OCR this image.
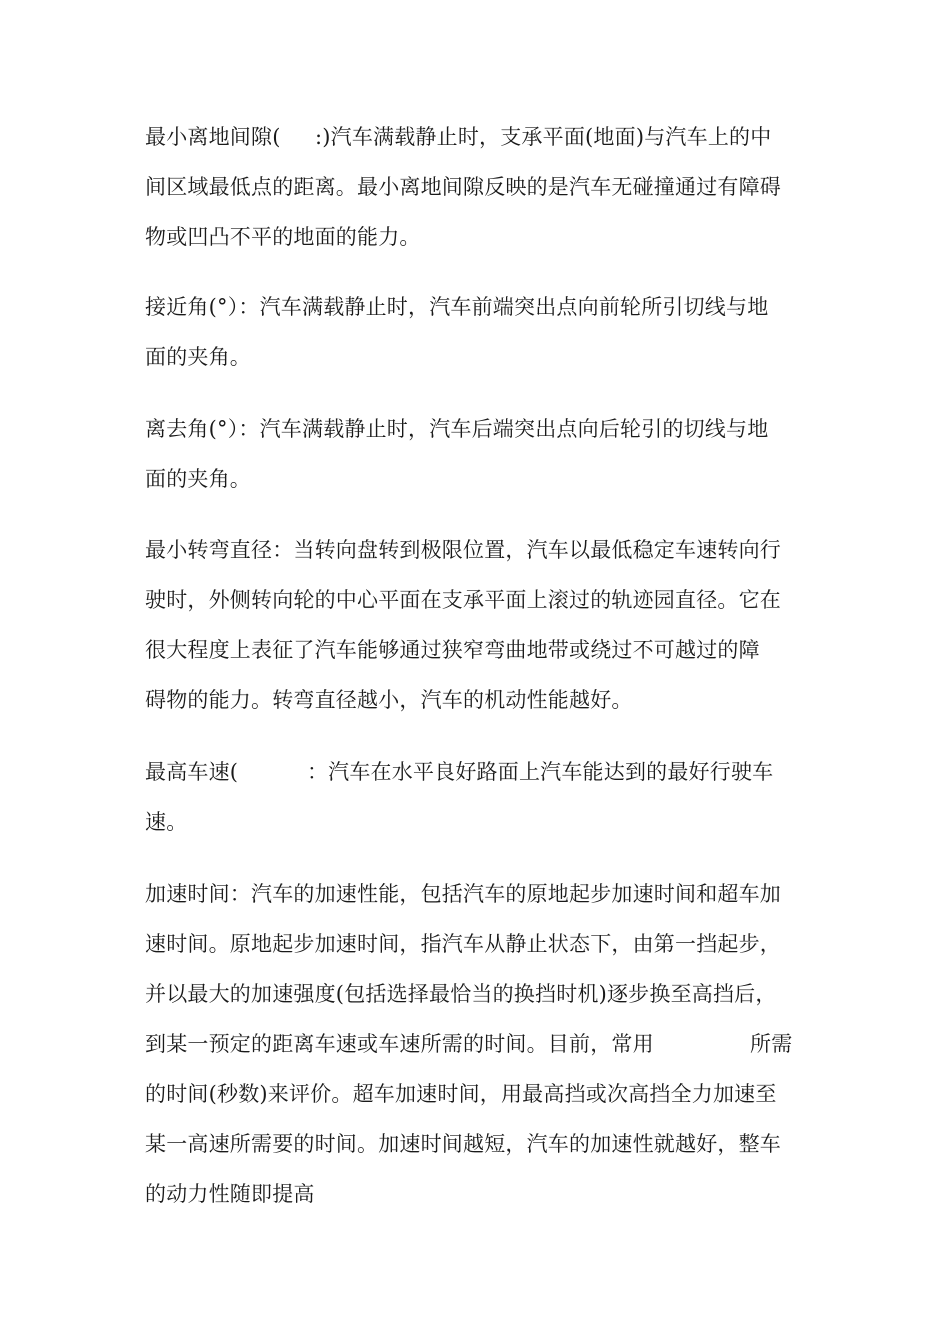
最小离地间隙(     :)汽车满载静止时，支承平面(地面)与汽车上的中
间区域最低点的距离。最小离地间隙反映的是汽车无碰撞通过有障碍
物或凹凸不平的地面的能力。
接近角(°）：汽车满载静止时，汽车前端突出点向前轮所引切线与地
面的夹角。
离去角(°）：汽车满载静止时，汽车后端突出点向后轮引的切线与地
面的夹角。
最小转弯直径：当转向盘转到极限位置，汽车以最低稳定车速转向行
驶时，外侧转向轮的中心平面在支承平面上滚过的轨迹园直径。它在
很大程度上表征了汽车能够通过狭窄弯曲地带或绕过不可越过的障
碍物的能力。转弯直径越小，汽车的机动性能越好。
最高车速(          ：汽车在水平良好路面上汽车能达到的最好行驶车
速。
加速时间：汽车的加速性能，包括汽车的原地起步加速时间和超车加
速时间。原地起步加速时间，指汽车从静止状态下，由第一挡起步，
并以最大的加速强度(包括选择最恰当的换挡时机)逐步换至高挡后，
到某一预定的距离车速或车速所需的时间。目前，常用              所需
的时间(秒数)来评价。超车加速时间，用最高挡或次高挡全力加速至
某一高速所需要的时间。加速时间越短，汽车的加速性就越好，整车
的动力性随即提高
